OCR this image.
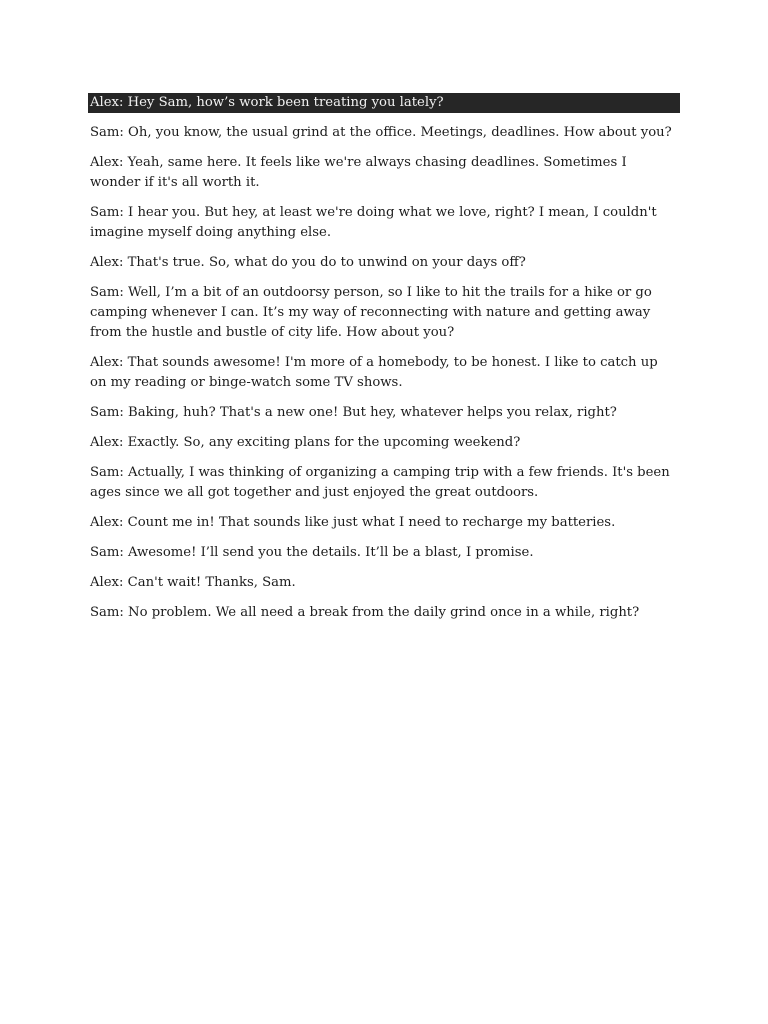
Alex: Hey Sam, how’s work been treating you lately?

Sam: Oh, you know, the usual grind at the office. Meetings, deadlines. How about you?

Alex: Yeah, same here. It feels like we're always chasing deadlines. Sometimes I wonder if it's all worth it.

Sam: I hear you. But hey, at least we're doing what we love, right? I mean, I couldn't imagine myself doing anything else.

Alex: That's true. So, what do you do to unwind on your days off?

Sam: Well, I’m a bit of an outdoorsy person, so I like to hit the trails for a hike or go camping whenever I can. It’s my way of reconnecting with nature and getting away from the hustle and bustle of city life. How about you?

Alex: That sounds awesome! I'm more of a homebody, to be honest. I like to catch up on my reading or binge-watch some TV shows.

Sam: Baking, huh? That's a new one! But hey, whatever helps you relax, right?

Alex: Exactly. So, any exciting plans for the upcoming weekend?

Sam: Actually, I was thinking of organizing a camping trip with a few friends. It's been ages since we all got together and just enjoyed the great outdoors.

Alex: Count me in! That sounds like just what I need to recharge my batteries.

Sam: Awesome! I’ll send you the details. It’ll be a blast, I promise.

Alex: Can't wait! Thanks, Sam.

Sam: No problem. We all need a break from the daily grind once in a while, right?
